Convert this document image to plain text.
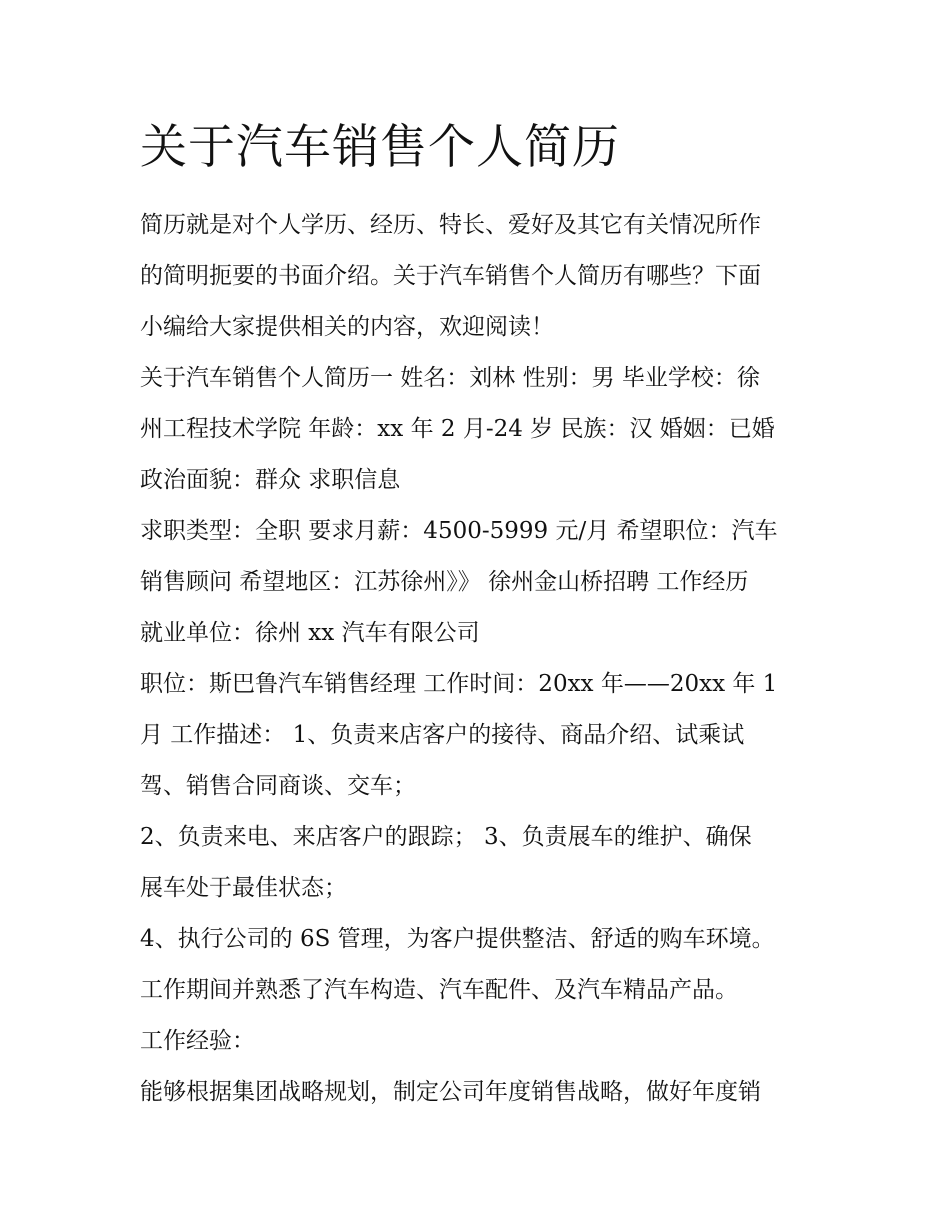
关于汽车销售个人简历
简历就是对个人学历、经历、特长、爱好及其它有关情况所作
的简明扼要的书面介绍。关于汽车销售个人简历有哪些？下面
小编给大家提供相关的内容，欢迎阅读！
关于汽车销售个人简历一 姓名：刘林 性别：男 毕业学校：徐
州工程技术学院 年龄：xx 年 2 月-24 岁 民族：汉 婚姻：已婚
政治面貌：群众 求职信息
求职类型：全职 要求月薪：4500-5999 元/月 希望职位：汽车
销售顾问 希望地区：江苏徐州》》 徐州金山桥招聘 工作经历
就业单位：徐州 xx 汽车有限公司
职位：斯巴鲁汽车销售经理 工作时间：20xx 年——20xx 年 1
月 工作描述： 1、负责来店客户的接待、商品介绍、试乘试
驾、销售合同商谈、交车；
2、负责来电、来店客户的跟踪； 3、负责展车的维护、确保
展车处于最佳状态；
4、执行公司的 6S 管理，为客户提供整洁、舒适的购车环境。
工作期间并熟悉了汽车构造、汽车配件、及汽车精品产品。
工作经验：
能够根据集团战略规划，制定公司年度销售战略，做好年度销
